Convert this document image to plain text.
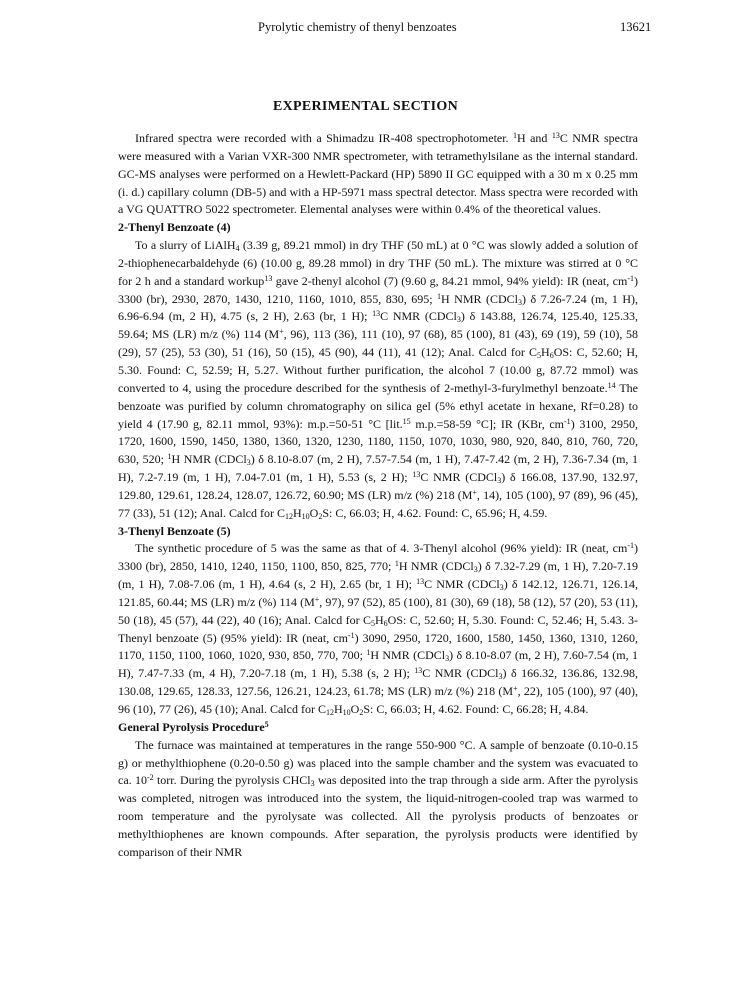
Pyrolytic chemistry of thenyl benzoates	13621
EXPERIMENTAL SECTION

Infrared spectra were recorded with a Shimadzu IR-408 spectrophotometer. $^1$H and $^{13}$C NMR spectra were measured with a Varian VXR-300 NMR spectrometer, with tetramethylsilane as the internal standard. GC-MS analyses were performed on a Hewlett-Packard (HP) 5890 II GC equipped with a 30 m x 0.25 mm (i. d.) capillary column (DB-5) and with a HP-5971 mass spectral detector. Mass spectra were recorded with a VG QUATTRO 5022 spectrometer. Elemental analyses were within 0.4% of the theoretical values.

2-Thenyl Benzoate (4)

To a slurry of LiAlH$_4$ (3.39 g, 89.21 mmol) in dry THF (50 mL) at 0 °C was slowly added a solution of 2-thiophenecarbaldehyde (6) (10.00 g, 89.28 mmol) in dry THF (50 mL). The mixture was stirred at 0 °C for 2 h and a standard workup$^{13}$ gave 2-thenyl alcohol (7) (9.60 g, 84.21 mmol, 94% yield): IR (neat, $cm^{-1}$) 3300 (br), 2930, 2870, 1430, 1210, 1160, 1010, 855, 830, 695; $^1$H NMR (CDCl$_3$) δ 7.26-7.24 (m, 1 H), 6.96-6.94 (m, 2 H), 4.75 (s, 2 H), 2.63 (br, 1 H); $^{13}$C NMR (CDCl$_3$) δ 143.88, 126.74, 125.40, 125.33, 59.64; MS (LR) m/z (%) 114 (M+, 96), 113 (36), 111 (10), 97 (68), 85 (100), 81 (43), 69 (19), 59 (10), 58 (29), 57 (25), 53 (30), 51 (16), 50 (15), 45 (90), 44 (11), 41 (12); Anal. Calcd for $C_5H_6OS$: C, 52.60; H, 5.30. Found: C, 52.59; H, 5.27. Without further purification, the alcohol 7 (10.00 g, 87.72 mmol) was converted to 4, using the procedure described for the synthesis of 2-methyl-3-furylmethyl benzoate.$^{14}$ The benzoate was purified by column chromatography on silica gel (5% ethyl acetate in hexane, Rf=0.28) to yield 4 (17.90 g, 82.11 mmol, 93%): m.p.=50-51 °C [lit.$^{15}$ m.p.=58-59 °C]; IR (KBr, $cm^{-1}$) 3100, 2950, 1720, 1600, 1590, 1450, 1380, 1360, 1320, 1230, 1180, 1150, 1070, 1030, 980, 920, 840, 810, 760, 720, 630, 520; $^1$H NMR (CDCl$_3$) δ 8.10-8.07 (m, 2 H), 7.57-7.54 (m, 1 H), 7.47-7.42 (m, 2 H), 7.36-7.34 (m, 1 H), 7.2-7.19 (m, 1 H), 7.04-7.01 (m, 1 H), 5.53 (s, 2 H); $^{13}$C NMR (CDCl$_3$) δ 166.08, 137.90, 132.97, 129.80, 129.61, 128.24, 128.07, 126.72, 60.90; MS (LR) m/z (%) 218 (M+, 14), 105 (100), 97 (89), 96 (45), 77 (33), 51 (12); Anal. Calcd for $C_{12}H_{10}O_2S$: C, 66.03; H, 4.62. Found: C, 65.96; H, 4.59.

3-Thenyl Benzoate (5)

The synthetic procedure of 5 was the same as that of 4. 3-Thenyl alcohol (96% yield): IR (neat, $cm^{-1}$) 3300 (br), 2850, 1410, 1240, 1150, 1100, 850, 825, 770; $^1$H NMR (CDCl$_3$) δ 7.32-7.29 (m, 1 H), 7.20-7.19 (m, 1 H), 7.08-7.06 (m, 1 H), 4.64 (s, 2 H), 2.65 (br, 1 H); $^{13}$C NMR (CDCl$_3$) δ 142.12, 126.71, 126.14, 121.85, 60.44; MS (LR) m/z (%) 114 (M+, 97), 97 (52), 85 (100), 81 (30), 69 (18), 58 (12), 57 (20), 53 (11), 50 (18), 45 (57), 44 (22), 40 (16); Anal. Calcd for $C_5H_6OS$: C, 52.60; H, 5.30. Found: C, 52.46; H, 5.43. 3-Thenyl benzoate (5) (95% yield): IR (neat, $cm^{-1}$) 3090, 2950, 1720, 1600, 1580, 1450, 1360, 1310, 1260, 1170, 1150, 1100, 1060, 1020, 930, 850, 770, 700; $^1$H NMR (CDCl$_3$) δ 8.10-8.07 (m, 2 H), 7.60-7.54 (m, 1 H), 7.47-7.33 (m, 4 H), 7.20-7.18 (m, 1 H), 5.38 (s, 2 H); $^{13}$C NMR (CDCl$_3$) δ 166.32, 136.86, 132.98, 130.08, 129.65, 128.33, 127.56, 126.21, 124.23, 61.78; MS (LR) m/z (%) 218 (M+, 22), 105 (100), 97 (40), 96 (10), 77 (26), 45 (10); Anal. Calcd for $C_{12}H_{10}O_2S$: C, 66.03; H, 4.62. Found: C, 66.28; H, 4.84.

General Pyrolysis Procedure$^5$

The furnace was maintained at temperatures in the range 550-900 °C. A sample of benzoate (0.10-0.15 g) or methylthiophene (0.20-0.50 g) was placed into the sample chamber and the system was evacuated to ca. $10^{-2}$ torr. During the pyrolysis CHCl$_3$ was deposited into the trap through a side arm. After the pyrolysis was completed, nitrogen was introduced into the system, the liquid-nitrogen-cooled trap was warmed to room temperature and the pyrolysate was collected. All the pyrolysis products of benzoates or methylthiophenes are known compounds. After separation, the pyrolysis products were identified by comparison of their NMR
